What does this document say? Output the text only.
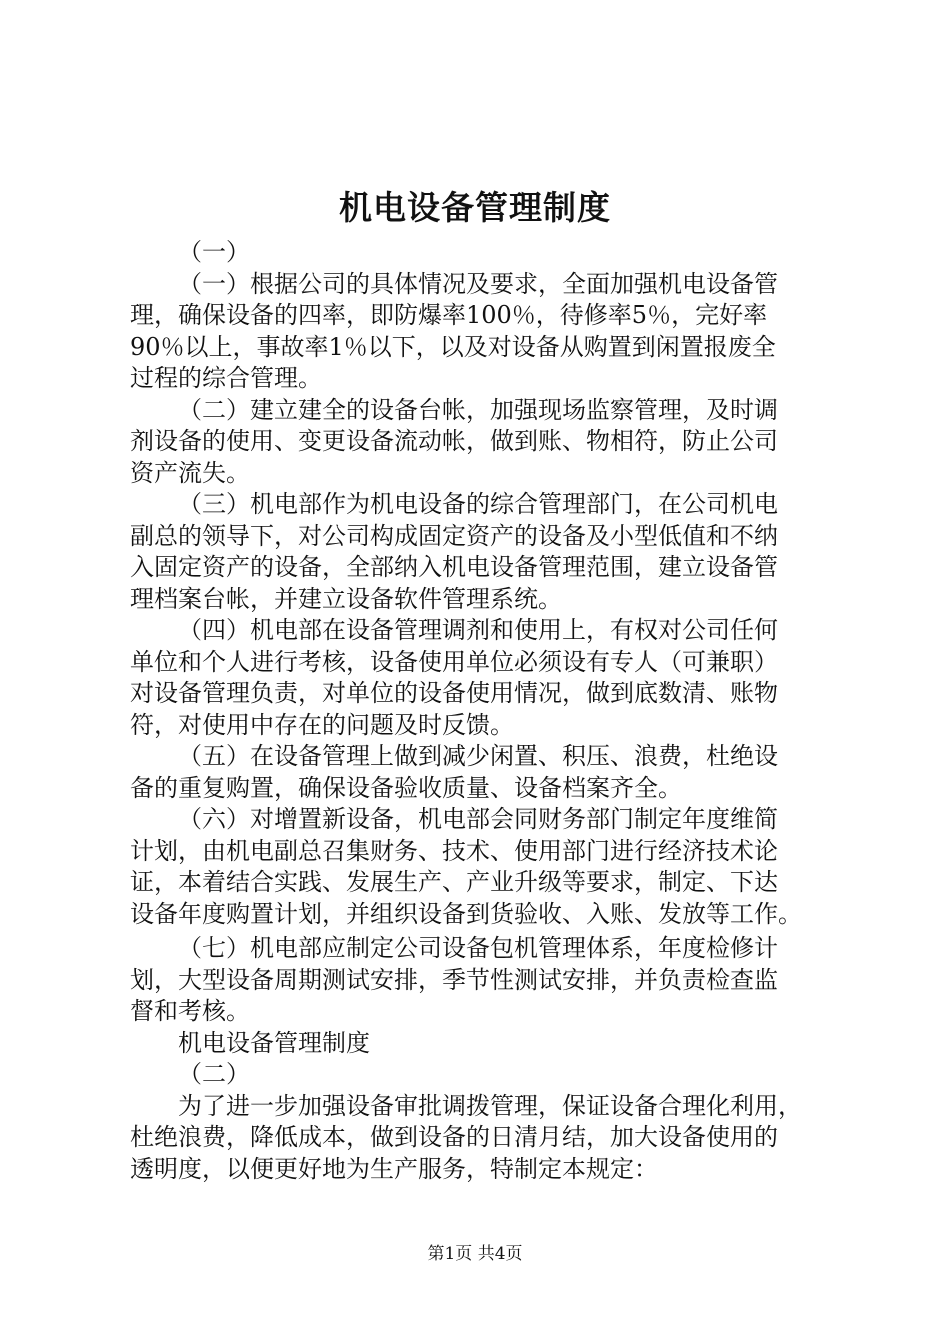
机电设备管理制度
（一）
（一）根据公司的具体情况及要求，全面加强机电设备管
理，确保设备的四率，即防爆率100％，待修率5％，完好率
90％以上，事故率1％以下，以及对设备从购置到闲置报废全
过程的综合管理。
（二）建立建全的设备台帐，加强现场监察管理，及时调
剂设备的使用、变更设备流动帐，做到账、物相符，防止公司
资产流失。
（三）机电部作为机电设备的综合管理部门，在公司机电
副总的领导下，对公司构成固定资产的设备及小型低值和不纳
入固定资产的设备，全部纳入机电设备管理范围，建立设备管
理档案台帐，并建立设备软件管理系统。
（四）机电部在设备管理调剂和使用上，有权对公司任何
单位和个人进行考核，设备使用单位必须设有专人（可兼职）
对设备管理负责，对单位的设备使用情况，做到底数清、账物
符，对使用中存在的问题及时反馈。
（五）在设备管理上做到减少闲置、积压、浪费，杜绝设
备的重复购置，确保设备验收质量、设备档案齐全。
（六）对增置新设备，机电部会同财务部门制定年度维简
计划，由机电副总召集财务、技术、使用部门进行经济技术论
证，本着结合实践、发展生产、产业升级等要求，制定、下达
设备年度购置计划，并组织设备到货验收、入账、发放等工作。
（七）机电部应制定公司设备包机管理体系，年度检修计
划，大型设备周期测试安排，季节性测试安排，并负责检查监
督和考核。
机电设备管理制度
（二）
为了进一步加强设备审批调拨管理，保证设备合理化利用，
杜绝浪费，降低成本，做到设备的日清月结，加大设备使用的
透明度，以便更好地为生产服务，特制定本规定：
第1页 共4页
